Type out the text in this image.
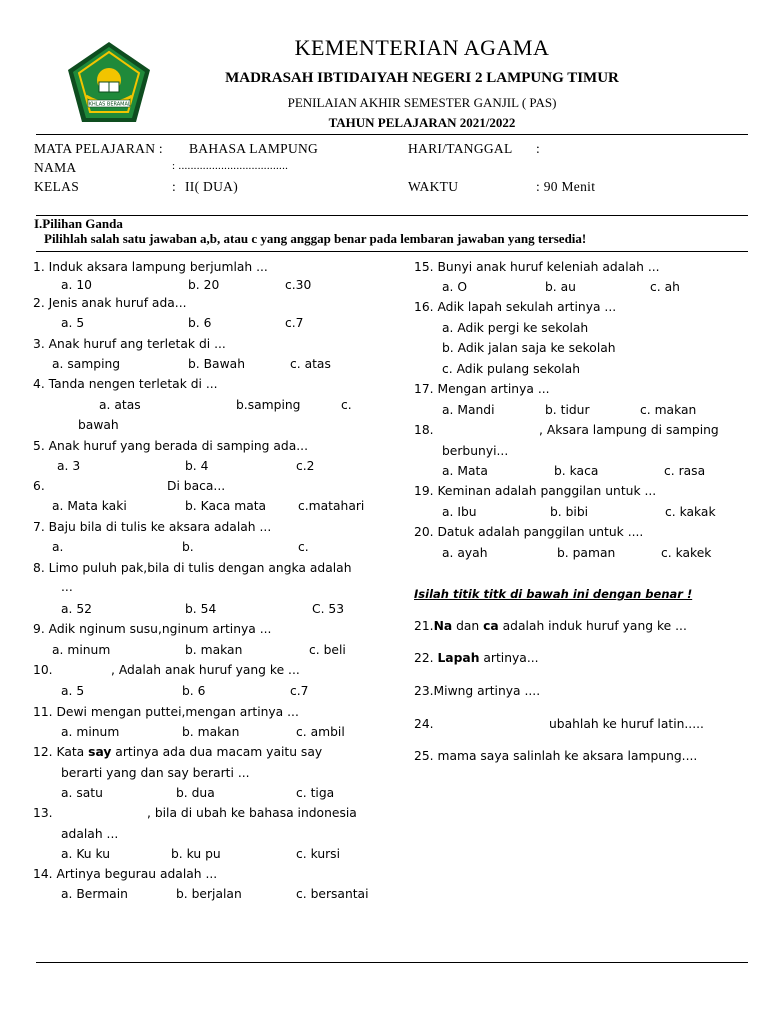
IKHLAS BERAMAL
KEMENTERIAN AGAMA
MADRASAH IBTIDAIYAH NEGERI 2 LAMPUNG TIMUR
PENILAIAN AKHIR SEMESTER GANJIL ( PAS)
TAHUN PELAJARAN 2021/2022
MATA PELAJARAN : BAHASA LAMPUNG	HARI/TANGGAL :
NAMA	: ....................................
KELAS	: II( DUA)	WAKTU	: 90 Menit
I.Pilihan Ganda
Pilihlah salah satu jawaban a,b, atau c yang anggap benar pada lembaran jawaban yang tersedia!
1. Induk aksara lampung berjumlah ...
a. 10	b. 20	c.30
2. Jenis anak huruf ada...
a. 5	b. 6	c.7
3. Anak huruf ang terletak di ...
a. samping	b. Bawah	c. atas
4. Tanda nengen terletak di ...
a. atas	b.samping	c.
bawah
5. Anak huruf yang berada di samping ada...
a. 3	b. 4	c.2
6.	Di baca...
a. Mata kaki	b. Kaca mata	c.matahari
7. Baju bila di tulis ke aksara adalah ...
a.	b.	c.
8. Limo puluh pak,bila di tulis dengan angka adalah
...
a. 52	b. 54	C. 53
9. Adik nginum susu,nginum artinya ...
a. minum	b. makan	c. beli
10.	, Adalah anak huruf yang ke ...
a. 5	b. 6	c.7
11. Dewi mengan puttei,mengan artinya ...
a. minum	b. makan	c. ambil
12. Kata say artinya ada dua macam yaitu say
berarti yang dan say berarti ...
a. satu	b. dua	c. tiga
13.	, bila di ubah ke bahasa indonesia
adalah ...
a. Ku ku	b. ku pu	c. kursi
14. Artinya begurau adalah ...
a. Bermain	b. berjalan	c. bersantai
15. Bunyi anak huruf keleniah adalah ...
a. O	b. au	c. ah
16. Adik lapah sekulah artinya ...
a. Adik pergi ke sekolah
b. Adik jalan saja ke sekolah
c. Adik pulang sekolah
17. Mengan artinya ...
a. Mandi	b. tidur	c. makan
18.	, Aksara lampung di samping
berbunyi...
a. Mata	b. kaca	c. rasa
19. Keminan adalah panggilan untuk ...
a. Ibu	b. bibi	c. kakak
20. Datuk adalah panggilan untuk ....
a. ayah	b. paman	c. kakek
Isilah titik titk di bawah ini dengan benar !
21.Na dan ca adalah induk huruf yang ke ...
22. Lapah artinya...
23.Miwng artinya ....
24.	ubahlah ke huruf latin.....
25. mama saya salinlah ke aksara lampung....
